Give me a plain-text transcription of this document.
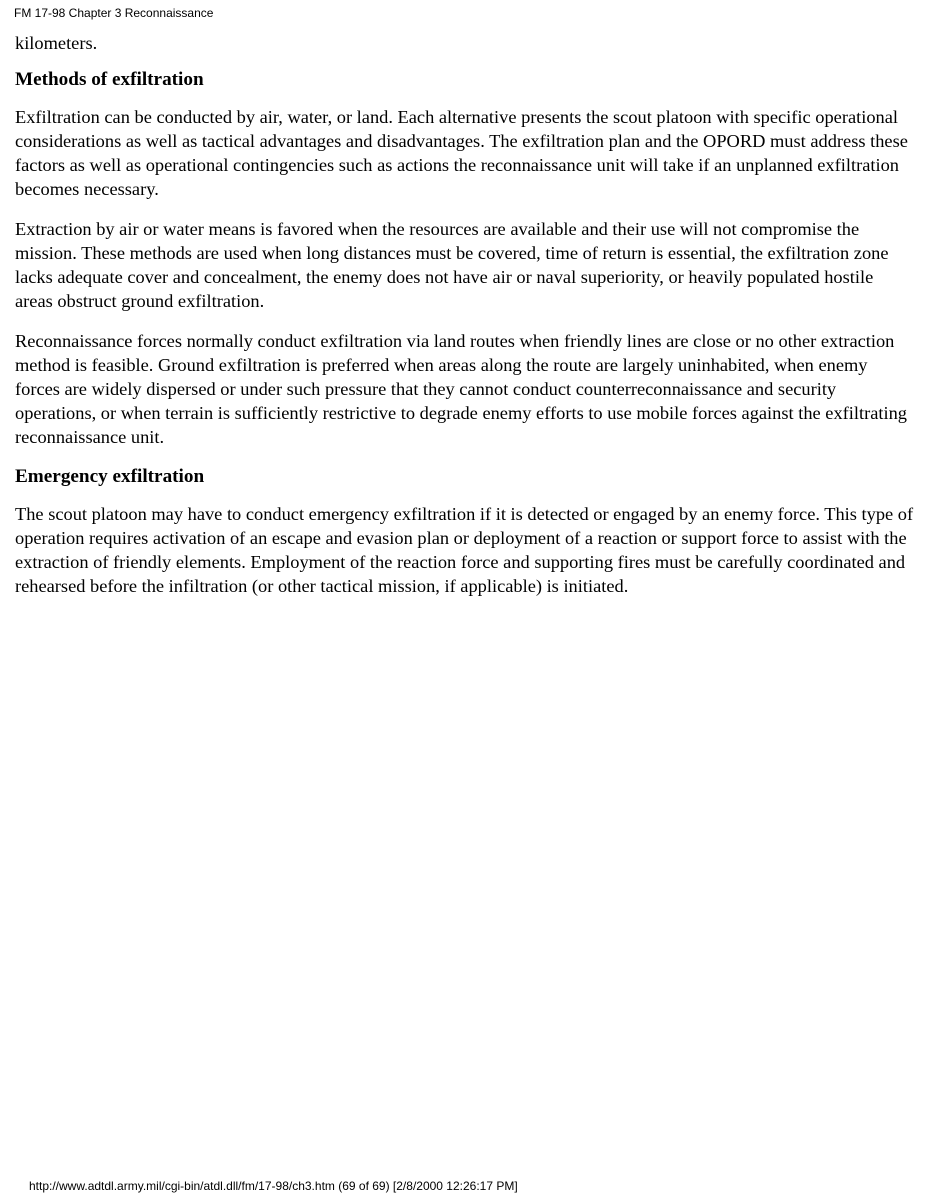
FM 17-98 Chapter 3 Reconnaissance

kilometers.

Methods of exfiltration

Exfiltration can be conducted by air, water, or land. Each alternative presents the scout platoon with specific operational considerations as well as tactical advantages and disadvantages. The exfiltration plan and the OPORD must address these factors as well as operational contingencies such as actions the reconnaissance unit will take if an unplanned exfiltration becomes necessary.

Extraction by air or water means is favored when the resources are available and their use will not compromise the mission. These methods are used when long distances must be covered, time of return is essential, the exfiltration zone lacks adequate cover and concealment, the enemy does not have air or naval superiority, or heavily populated hostile areas obstruct ground exfiltration.

Reconnaissance forces normally conduct exfiltration via land routes when friendly lines are close or no other extraction method is feasible. Ground exfiltration is preferred when areas along the route are largely uninhabited, when enemy forces are widely dispersed or under such pressure that they cannot conduct counterreconnaissance and security operations, or when terrain is sufficiently restrictive to degrade enemy efforts to use mobile forces against the exfiltrating reconnaissance unit.

Emergency exfiltration

The scout platoon may have to conduct emergency exfiltration if it is detected or engaged by an enemy force. This type of operation requires activation of an escape and evasion plan or deployment of a reaction or support force to assist with the extraction of friendly elements. Employment of the reaction force and supporting fires must be carefully coordinated and rehearsed before the infiltration (or other tactical mission, if applicable) is initiated.

http://www.adtdl.army.mil/cgi-bin/atdl.dll/fm/17-98/ch3.htm (69 of 69) [2/8/2000 12:26:17 PM]
